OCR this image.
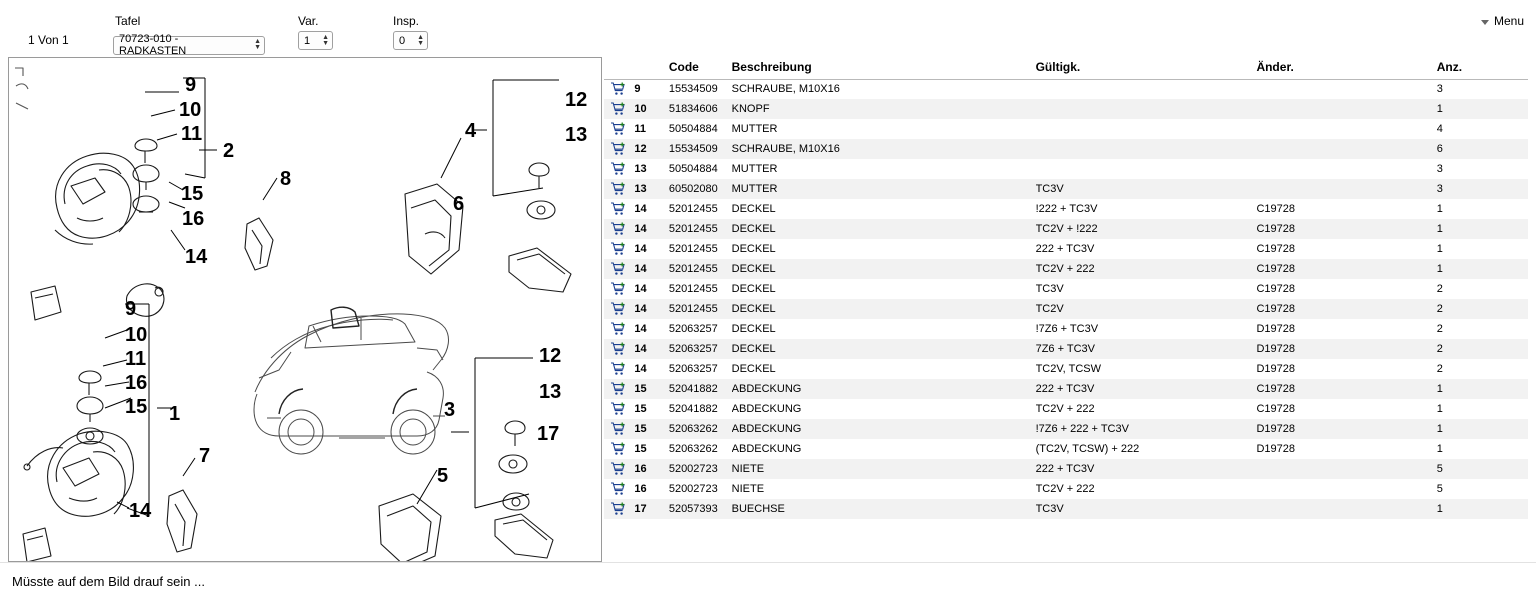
1 Von 1
Tafel
70723-010 - RADKASTEN
▲
▼
Var.
1 ▲
▼
Insp.
0 ▲
▼
Menu
9
10
11
2
8
15
16
14
12
4	13
6
9
10
11
16
15 1
7
14
12
13
3
17
5
		Code	Beschreibung	Gültigk.	Änder.	Anz.

	9	15534509	SCHRAUBE, M10X16			3

	10	51834606	KNOPF			1

	11	50504884	MUTTER			4

	12	15534509	SCHRAUBE, M10X16			6

	13	50504884	MUTTER			3

	13	60502080	MUTTER	TC3V		3

	14	52012455	DECKEL	!222 + TC3V	C19728	1

	14	52012455	DECKEL	TC2V + !222	C19728	1

	14	52012455	DECKEL	222 + TC3V	C19728	1

	14	52012455	DECKEL	TC2V + 222	C19728	1

	14	52012455	DECKEL	TC3V	C19728	2

	14	52012455	DECKEL	TC2V	C19728	2

	14	52063257	DECKEL	!7Z6 + TC3V	D19728	2

	14	52063257	DECKEL	7Z6 + TC3V	D19728	2

	14	52063257	DECKEL	TC2V, TCSW	D19728	2

	15	52041882	ABDECKUNG	222 + TC3V	C19728	1

	15	52041882	ABDECKUNG	TC2V + 222	C19728	1

	15	52063262	ABDECKUNG	!7Z6 + 222 + TC3V	D19728	1

	15	52063262	ABDECKUNG	(TC2V, TCSW) + 222	D19728	1

	16	52002723	NIETE	222 + TC3V		5

	16	52002723	NIETE	TC2V + 222		5

	17	52057393	BUECHSE	TC3V		1
Müsste auf dem Bild drauf sein ...
